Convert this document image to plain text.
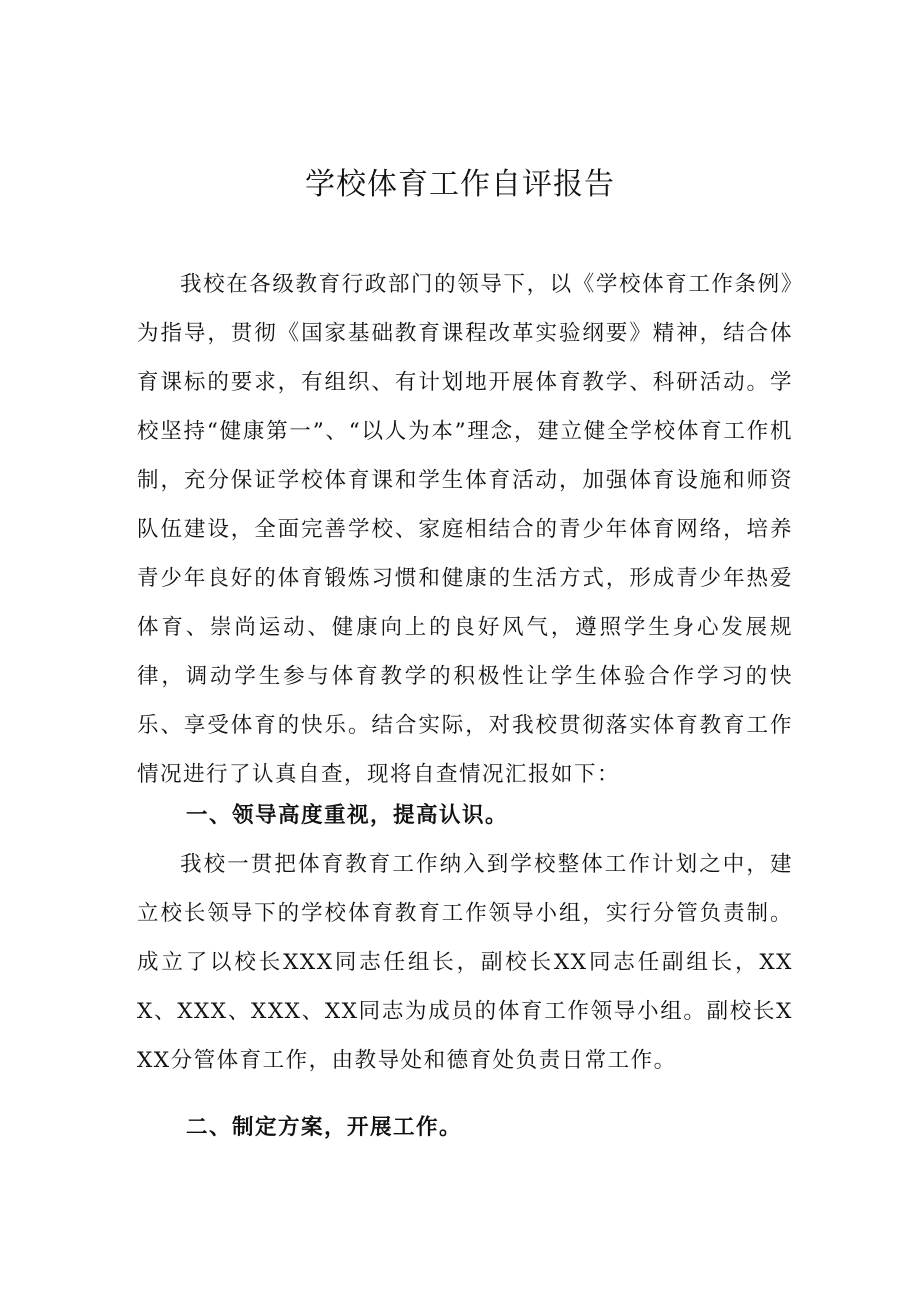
学校体育工作自评报告

我校在各级教育行政部门的领导下，以《学校体育工作条例》为指导，贯彻《国家基础教育课程改革实验纲要》精神，结合体育课标的要求，有组织、有计划地开展体育教学、科研活动。学校坚持“健康第一”、“以人为本”理念，建立健全学校体育工作机制，充分保证学校体育课和学生体育活动，加强体育设施和师资队伍建设，全面完善学校、家庭相结合的青少年体育网络，培养青少年良好的体育锻炼习惯和健康的生活方式，形成青少年热爱体育、崇尚运动、健康向上的良好风气，遵照学生身心发展规律，调动学生参与体育教学的积极性让学生体验合作学习的快乐、享受体育的快乐。结合实际，对我校贯彻落实体育教育工作情况进行了认真自查，现将自查情况汇报如下：

一、领导高度重视，提高认识。

我校一贯把体育教育工作纳入到学校整体工作计划之中，建立校长领导下的学校体育教育工作领导小组，实行分管负责制。成立了以校长XXX同志任组长，副校长XX同志任副组长，XXX、XXX、XXX、XX同志为成员的体育工作领导小组。副校长XXX分管体育工作，由教导处和德育处负责日常工作。

二、制定方案，开展工作。
